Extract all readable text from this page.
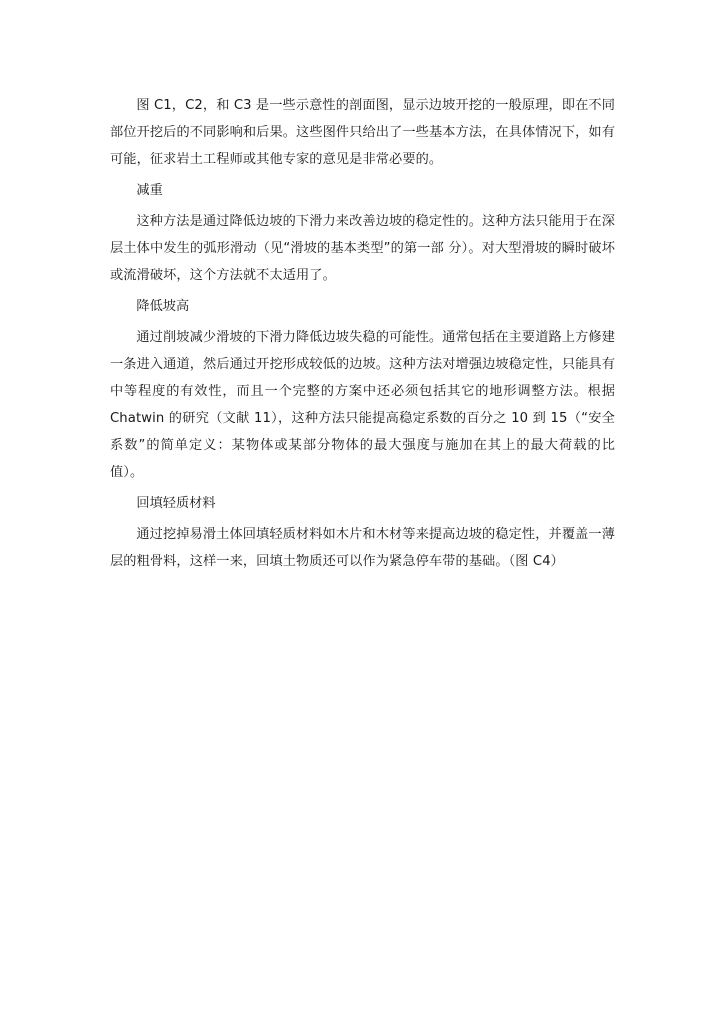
图 C1，C2，和 C3 是一些示意性的剖面图，显示边坡开挖的一般原理，即在不同部位开挖后的不同影响和后果。这些图件只给出了一些基本方法，在具体情况下，如有可能，征求岩土工程师或其他专家的意见是非常必要的。

减重

这种方法是通过降低边坡的下滑力来改善边坡的稳定性的。这种方法只能用于在深层土体中发生的弧形滑动（见“滑坡的基本类型”的第一部 分）。对大型滑坡的瞬时破坏或流滑破坏，这个方法就不太适用了。

降低坡高

通过削坡减少滑坡的下滑力降低边坡失稳的可能性。通常包括在主要道路上方修建一条进入通道，然后通过开挖形成较低的边坡。这种方法对增强边坡稳定性，只能具有中等程度的有效性，而且一个完整的方案中还必须包括其它的地形调整方法。根据 Chatwin 的研究（文献 11），这种方法只能提高稳定系数的百分之 10 到 15（“安全系数”的简单定义：某物体或某部分物体的最大强度与施加在其上的最大荷载的比值）。

回填轻质材料

通过挖掉易滑土体回填轻质材料如木片和木材等来提高边坡的稳定性，并覆盖一薄层的粗骨料，这样一来，回填土物质还可以作为紧急停车带的基础。（图 C4）
